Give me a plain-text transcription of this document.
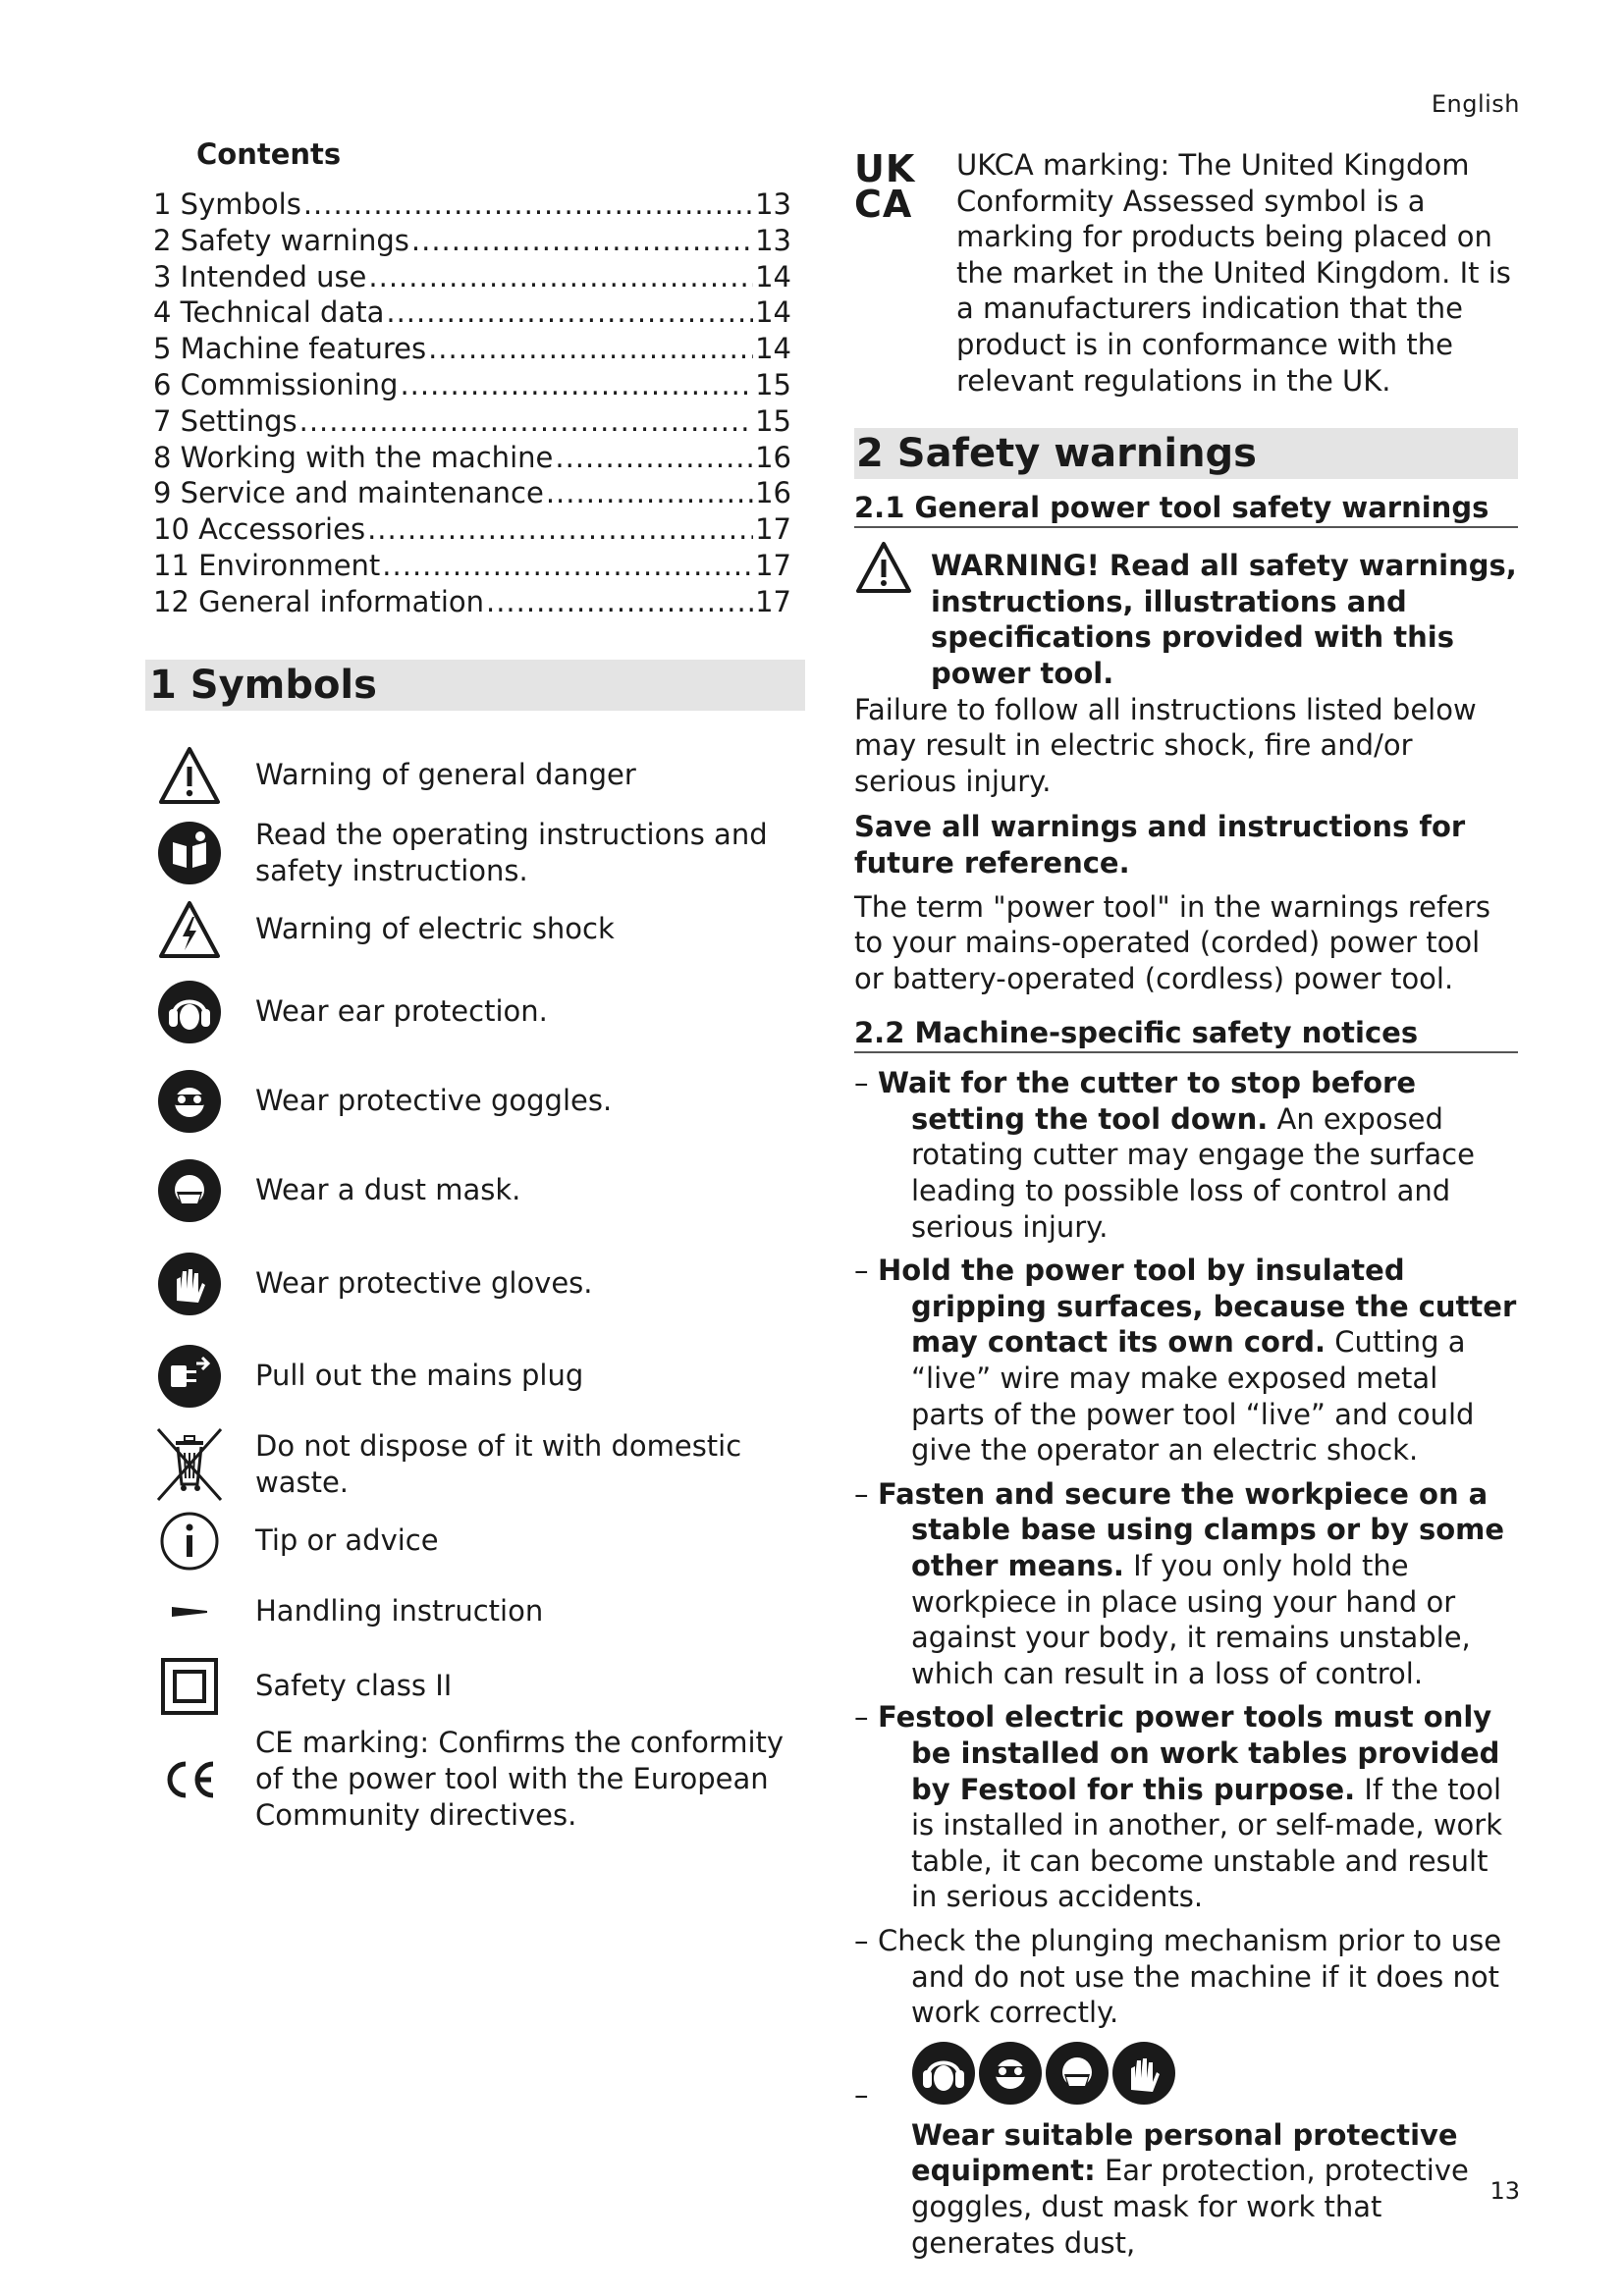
English
Contents
1 Symbols .....	13
2 Safety warnings .....	13
3 Intended use .....	14
4 Technical data .....	14
5 Machine features .....	14
6 Commissioning .....	15
7 Settings .....	15
8 Working with the machine .....	16
9 Service and maintenance .....	16
10 Accessories .....	17
11 Environment .....	17
12 General information .....	17
1 Symbols
Warning of general danger
Read the operating instructions and safety instructions.
Warning of electric shock
Wear ear protection.
Wear protective goggles.
Wear a dust mask.
Wear protective gloves.
Pull out the mains plug
Do not dispose of it with domestic waste.
Tip or advice
Handling instruction
Safety class II
CE marking: Confirms the conformity of the power tool with the European Community directives.
UK
CA
UKCA marking: The United Kingdom Conformity Assessed symbol is a marking for products being placed on the market in the United Kingdom. It is a manufacturers indication that the product is in conformance with the relevant regulations in the UK.
2 Safety warnings
2.1 General power tool safety warnings

WARNING! Read all safety warnings, instructions, illustrations and specifications provided with this power tool. Failure to follow all instructions listed below may result in electric shock, fire and/or serious injury.

Save all warnings and instructions for future reference.

The term "power tool" in the warnings refers to your mains-operated (corded) power tool or battery-operated (cordless) power tool.

2.2 Machine-specific safety notices
– Wait for the cutter to stop before setting the tool down. An exposed rotating cutter may engage the surface leading to possible loss of control and serious injury.
– Hold the power tool by insulated gripping surfaces, because the cutter may contact its own cord. Cutting a “live” wire may make exposed metal parts of the power tool “live” and could give the operator an electric shock.
– Fasten and secure the workpiece on a stable base using clamps or by some other means. If you only hold the workpiece in place using your hand or against your body, it remains unstable, which can result in a loss of control.
– Festool electric power tools must only be installed on work tables provided by Festool for this purpose. If the tool is installed in another, or self-made, work table, it can become unstable and result in serious accidents.
– Check the plunging mechanism prior to use and do not use the machine if it does not work correctly.
–

Wear suitable personal protective equipment: Ear protection, protective goggles, dust mask for work that generates dust,

13
